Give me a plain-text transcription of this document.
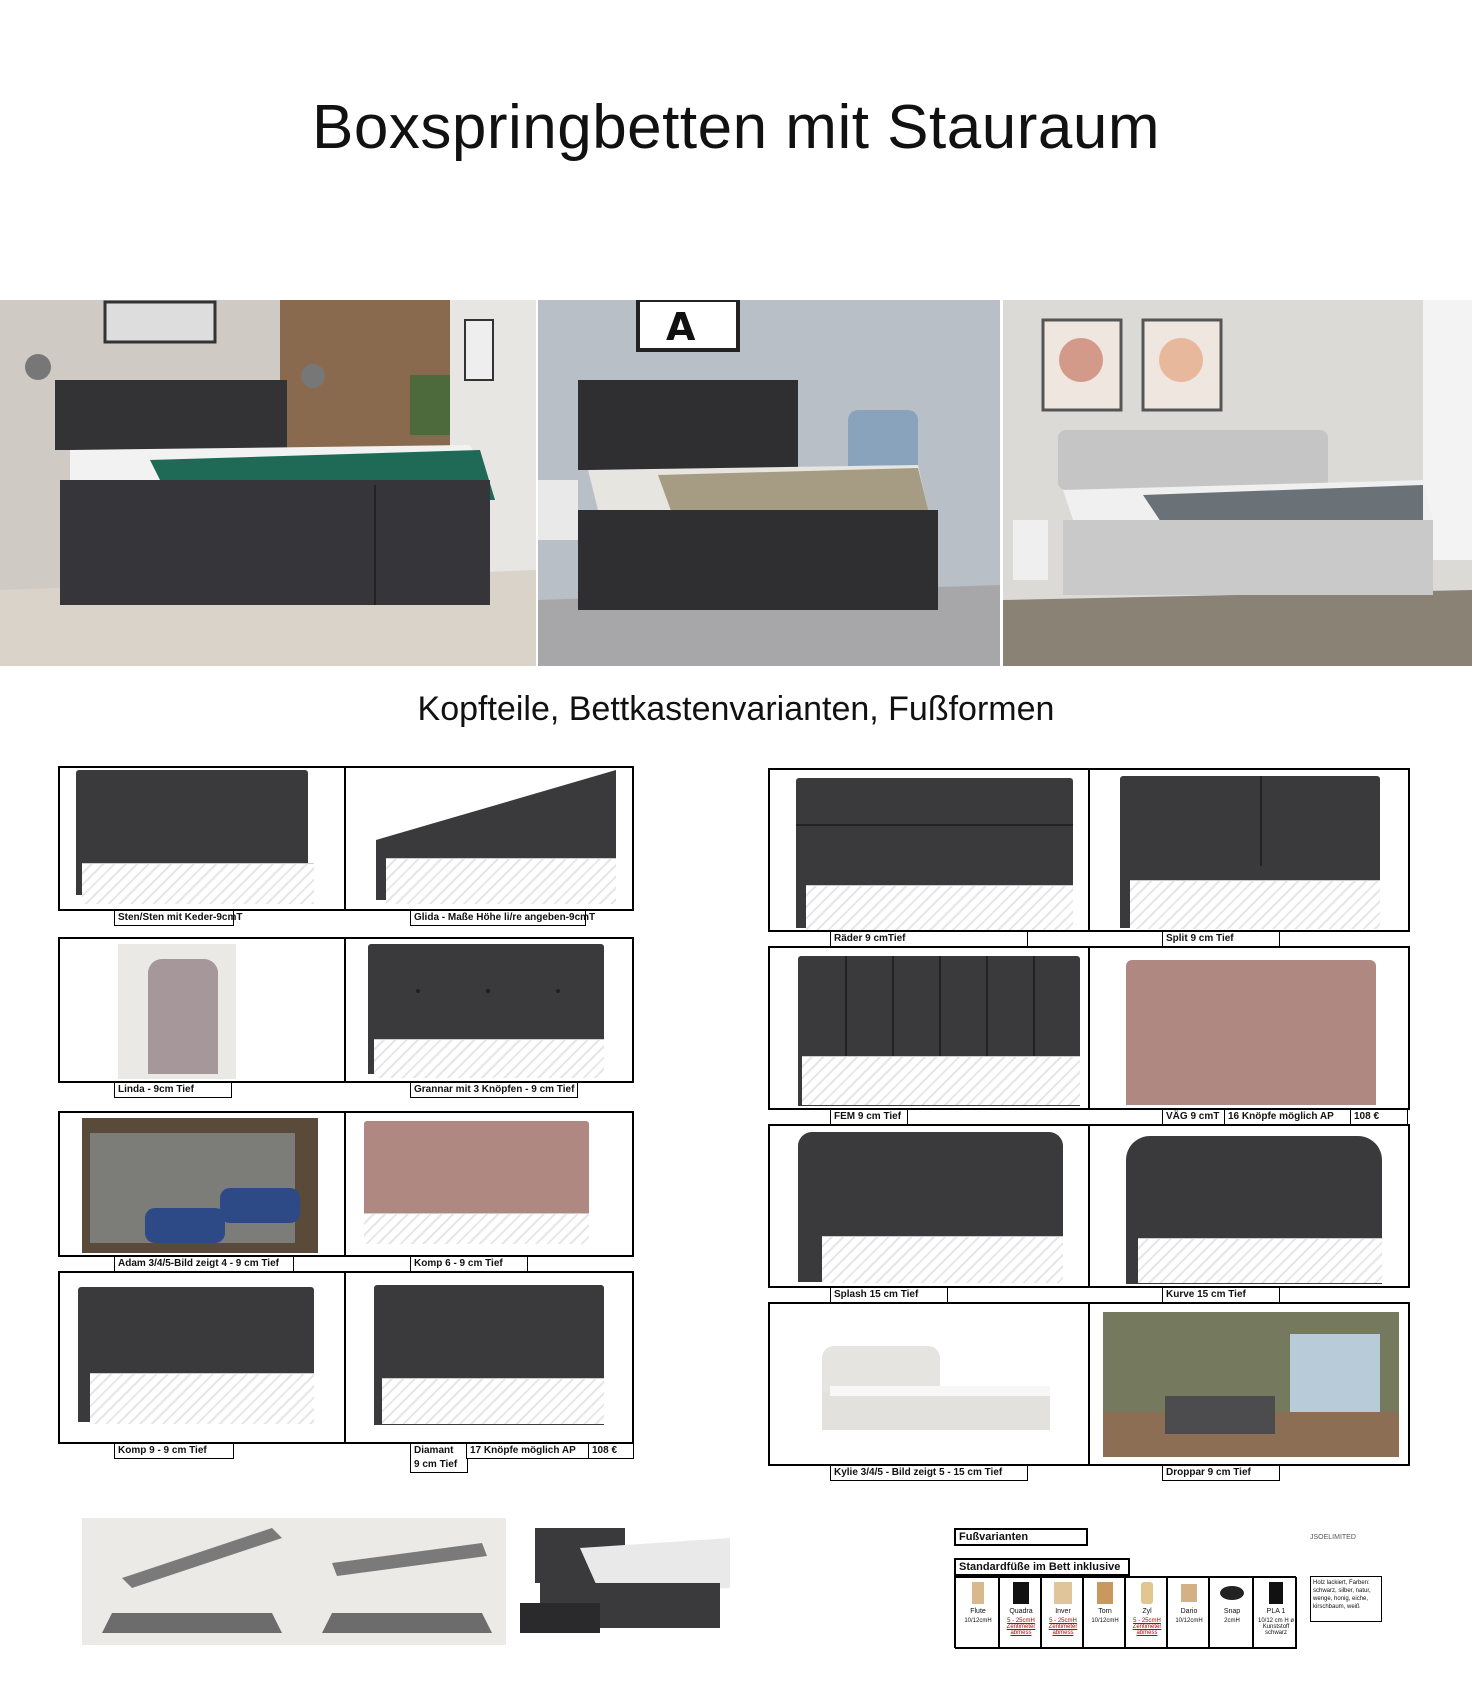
Boxspringbetten mit Stauraum
A
Kopfteile, Bettkastenvarianten, Fußformen
Sten/Sten mit Keder-9cmT	Glida - Maße Höhe li/re angeben-9cmT
Linda - 9cm Tief	Grannar mit 3 Knöpfen - 9 cm Tief
Adam 3/4/5-Bild zeigt 4 - 9 cm Tief	Komp 6 - 9 cm Tief
Komp 9 - 9 cm Tief	Diamant
9 cm Tief
17 Knöpfe möglich AP	108 €
Räder 9 cmTief	Split 9 cm Tief
FEM 9 cm Tief	VÄG 9 cmT 16 Knöpfe möglich AP	108 €
Splash 15 cm Tief	Kurve 15 cm Tief
Kylie 3/4/5 - Bild zeigt 5 - 15 cm Tief	Droppar 9 cm Tief
Fußvarianten	JSOELIMITED
Standardfüße im Bett inklusive
Flute
10/12cmH
Quadra
5 - 25cmH Zentimeter abmess
Inver
5 - 25cmH Zentimeter abmess
Torn
10/12cmH
Zyl
5 - 25cmH Zentimeter abmess
Dario
10/12cmH
Snap
2cmH
PLA 1
10/12 cm H ø Kunststoff schwarz
Holz lackiert, Farben: schwarz, silber, natur, wenge, honig, eiche, kirschbaum, weiß
